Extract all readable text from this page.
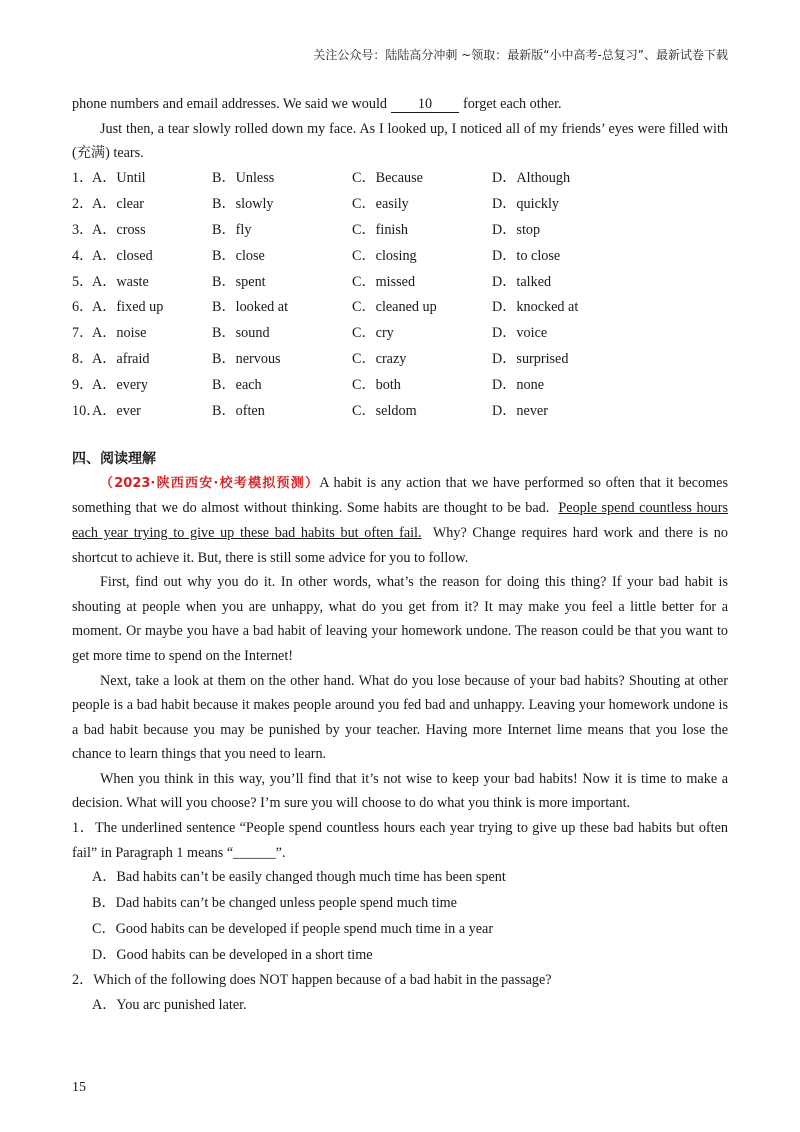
关注公众号：陆陆高分冲刺 ~领取：最新版“小中高考-总复习”、最新试卷下载

phone numbers and email addresses. We said we would 10 forget each other.

Just then, a tear slowly rolled down my face. As I looked up, I noticed all of my friends’ eyes were filled with (充满) tears.

1．
A．Until	B．Unless	C．Because	D．Although
2．
A．clear	B．slowly	C．easily	D．quickly
3．
A．cross	B．fly	C．finish	D．stop
4．
A．closed	B．close	C．closing	D．to close
5．
A．waste	B．spent	C．missed	D．talked
6．
A．fixed up	B．looked at	C．cleaned up	D．knocked at
7．
A．noise	B．sound	C．cry	D．voice
8．
A．afraid	B．nervous	C．crazy	D．surprised
9．
A．every	B．each	C．both	D．none
10．
A．ever	B．often	C．seldom	D．never
四、阅读理解

（2023·陕西西安·校考模拟预测）A habit is any action that we have performed so often that it becomes something that we do almost without thinking. Some habits are thought to be bad. People spend countless hours each year trying to give up these bad habits but often fail. Why? Change requires hard work and there is no shortcut to achieve it. But, there is still some advice for you to follow.

First, find out why you do it. In other words, what’s the reason for doing this thing? If your bad habit is shouting at people when you are unhappy, what do you get from it? It may make you feel a little better for a moment. Or maybe you have a bad habit of leaving your homework undone. The reason could be that you want to get more time to spend on the Internet!

Next, take a look at them on the other hand. What do you lose because of your bad habits? Shouting at other people is a bad habit because it makes people around you fed bad and unhappy. Leaving your homework undone is a bad habit because you may be punished by your teacher. Having more Internet lime means that you lose the chance to learn things that you need to learn.

When you think in this way, you’ll find that it’s not wise to keep your bad habits! Now it is time to make a decision. What will you choose? I’m sure you will choose to do what you think is more important.

1．The underlined sentence “People spend countless hours each year trying to give up these bad habits but often fail” in Paragraph 1 means “______”.

A．Bad habits can’t be easily changed though much time has been spent
B．Dad habits can’t be changed unless people spend much time
C．Good habits can be developed if people spend much time in a year
D．Good habits can be developed in a short time

2．Which of the following does NOT happen because of a bad habit in the passage?

A．You arc punished later.
15
